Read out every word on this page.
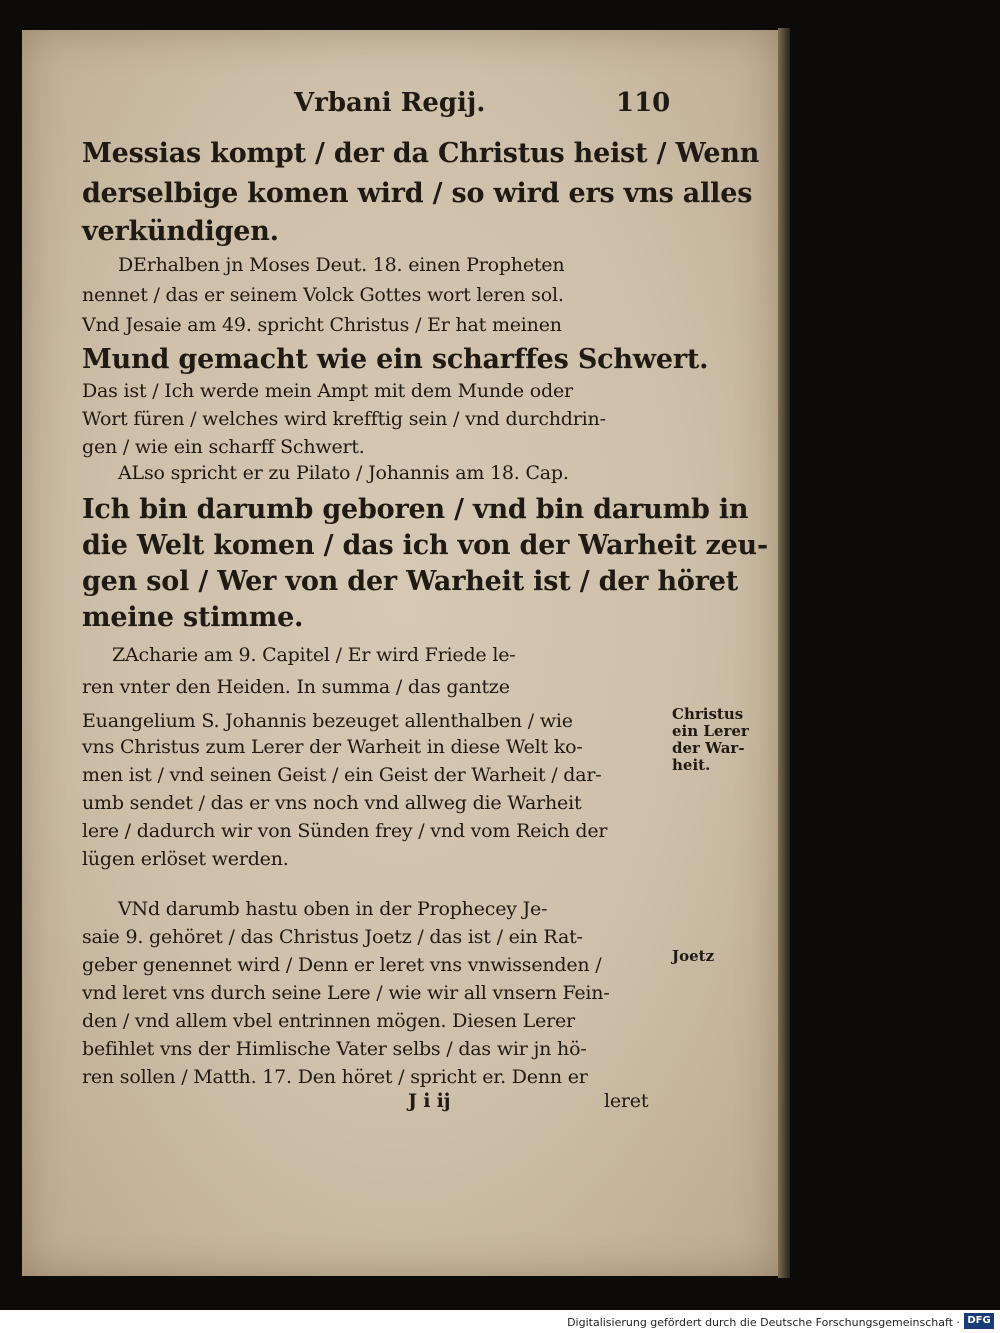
Vrbani Regij.	110
Messias kompt / der da Christus heist / Wenn
derselbige komen wird / so wird ers vns alles
verkündigen.
DErhalben jn Moses Deut. 18. einen Propheten
nennet / das er seinem Volck Gottes wort leren sol.
Vnd Jesaie am 49. spricht Christus / Er hat meinen
Mund gemacht wie ein scharffes Schwert.
Das ist / Ich werde mein Ampt mit dem Munde oder
Wort füren / welches wird krefftig sein / vnd durchdrin-
gen / wie ein scharff Schwert.
ALso spricht er zu Pilato / Johannis am 18. Cap.
Ich bin darumb geboren / vnd bin darumb in
die Welt komen / das ich von der Warheit zeu-
gen sol / Wer von der Warheit ist / der höret
meine stimme.
ZAcharie am 9. Capitel / Er wird Friede le-
ren vnter den Heiden. In summa / das gantze
Euangelium S. Johannis bezeuget allenthalben / wie
vns Christus zum Lerer der Warheit in diese Welt ko-
men ist / vnd seinen Geist / ein Geist der Warheit / dar-
umb sendet / das er vns noch vnd allweg die Warheit
lere / dadurch wir von Sünden frey / vnd vom Reich der
lügen erlöset werden.
VNd darumb hastu oben in der Prophecey Je-
saie 9. gehöret / das Christus Joetz / das ist / ein Rat-
geber genennet wird / Denn er leret vns vnwissenden /
vnd leret vns durch seine Lere / wie wir all vnsern Fein-
den / vnd allem vbel entrinnen mögen. Diesen Lerer
befihlet vns der Himlische Vater selbs / das wir jn hö-
ren sollen / Matth. 17. Den höret / spricht er. Denn er
J i ij	leret
Christus
ein Lerer
der War-
heit.
Joetz
Digitalisierung gefördert durch die Deutsche Forschungsgemeinschaft · DFG
